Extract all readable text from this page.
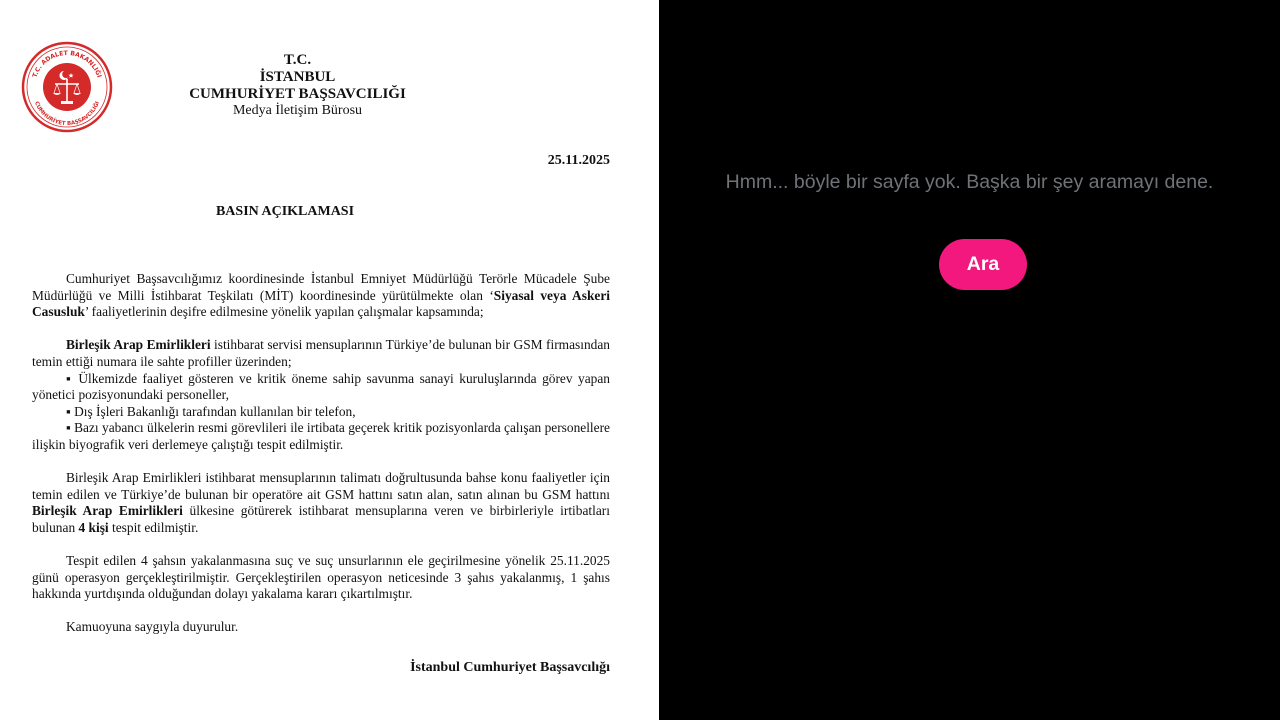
T.C. ADALET BAKANLIĞI
CUMHURİYET BAŞSAVCILIĞI
T.C.
İSTANBUL
CUMHURİYET BAŞSAVCILIĞI
Medya İletişim Bürosu
25.11.2025
BASIN AÇIKLAMASI

Cumhuriyet Başsavcılığımız koordinesinde İstanbul Emniyet Müdürlüğü Terörle Mücadele Şube Müdürlüğü ve Milli İstihbarat Teşkilatı (MİT) koordinesinde yürütülmekte olan ‘Siyasal veya Askeri Casusluk’ faaliyetlerinin deşifre edilmesine yönelik yapılan çalışmalar kapsamında;

Birleşik Arap Emirlikleri istihbarat servisi mensuplarının Türkiye’de bulunan bir GSM firmasından temin ettiği numara ile sahte profiller üzerinden;

▪ Ülkemizde faaliyet gösteren ve kritik öneme sahip savunma sanayi kuruluşlarında görev yapan yönetici pozisyonundaki personeller,

▪ Dış İşleri Bakanlığı tarafından kullanılan bir telefon,

▪ Bazı yabancı ülkelerin resmi görevlileri ile irtibata geçerek kritik pozisyonlarda çalışan personellere ilişkin biyografik veri derlemeye çalıştığı tespit edilmiştir.

Birleşik Arap Emirlikleri istihbarat mensuplarının talimatı doğrultusunda bahse konu faaliyetler için temin edilen ve Türkiye’de bulunan bir operatöre ait GSM hattını satın alan, satın alınan bu GSM hattını Birleşik Arap Emirlikleri ülkesine götürerek istihbarat mensuplarına veren ve birbirleriyle irtibatları bulunan 4 kişi tespit edilmiştir.

Tespit edilen 4 şahsın yakalanmasına suç ve suç unsurlarının ele geçirilmesine yönelik 25.11.2025 günü operasyon gerçekleştirilmiştir. Gerçekleştirilen operasyon neticesinde 3 şahıs yakalanmış, 1 şahıs hakkında yurtdışında olduğundan dolayı yakalama kararı çıkartılmıştır.

Kamuoyuna saygıyla duyurulur.

İstanbul Cumhuriyet Başsavcılığı
Hmm... böyle bir sayfa yok. Başka bir şey aramayı dene.
Ara
